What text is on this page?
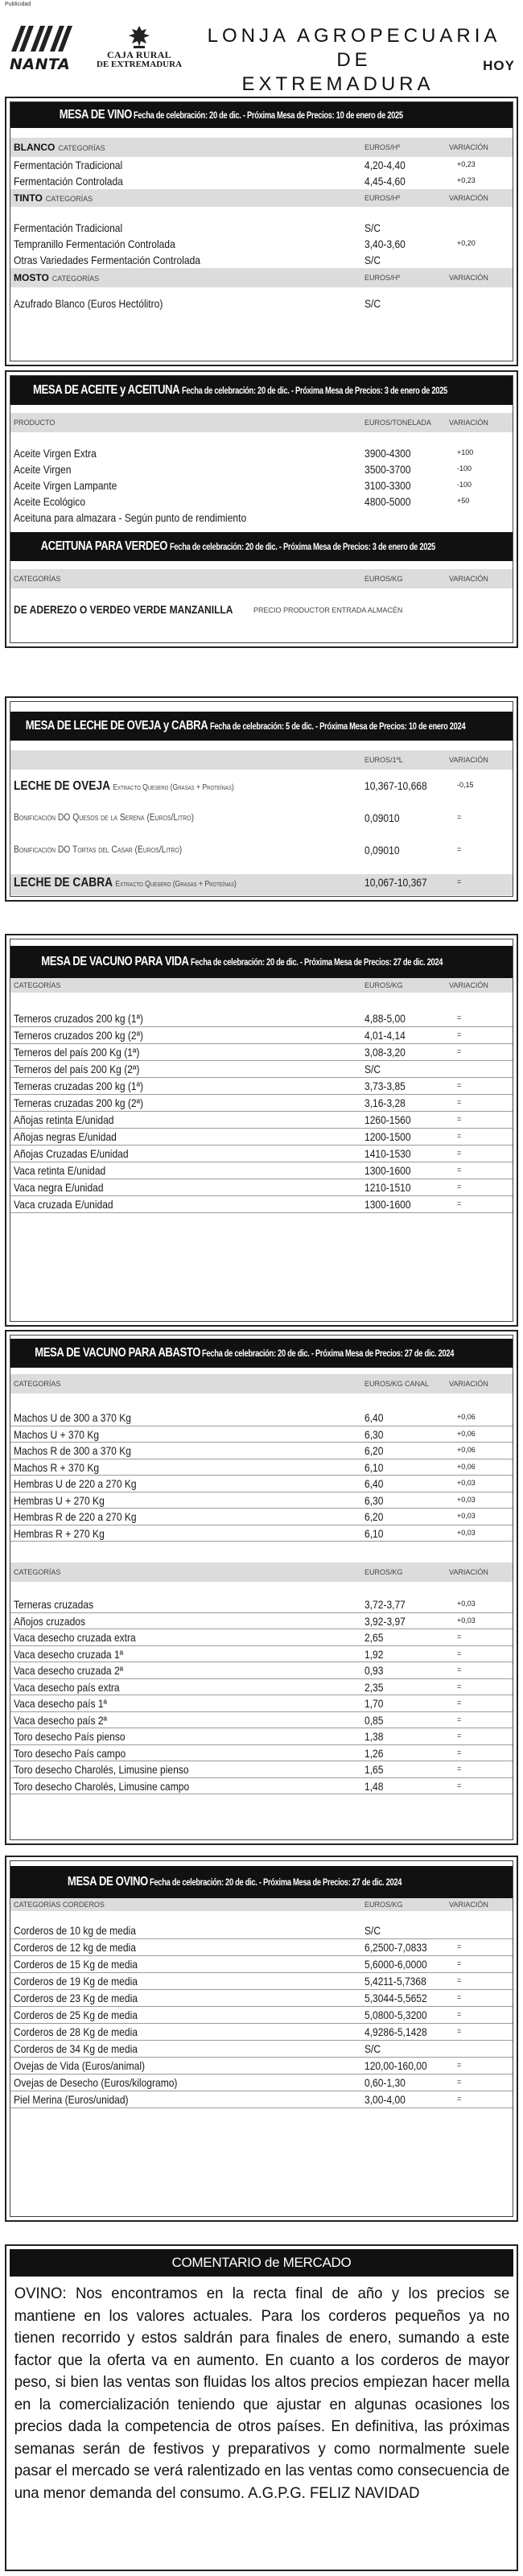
Publicidad
NANTA
CAJA RURAL
DE EXTREMADURA
LONJA AGROPECUARIA DE
EXTREMADURA
HOY
MESA DE VINO Fecha de celebración: 20 de dic. - Próxima Mesa de Precios: 10 de enero de 2025
BLANCO CATEGORÍAS	EUROS/Hº	VARIACIÓN
Fermentación Tradicional	4,20-4,40	+0,23
Fermentación Controlada	4,45-4,60	+0,23
TINTO CATEGORÍAS	EUROS/Hº	VARIACIÓN
Fermentación Tradicional	S/C
Tempranillo Fermentación Controlada	3,40-3,60	+0,20
Otras Variedades Fermentación Controlada	S/C
MOSTO CATEGORÍAS	EUROS/Hº	VARIACIÓN
Azufrado Blanco (Euros Hectólitro)	S/C
MESA DE ACEITE y ACEITUNA Fecha de celebración: 20 de dic. - Próxima Mesa de Precios: 3 de enero de 2025
PRODUCTO	EUROS/TONELADA VARIACIÓN
Aceite Virgen Extra	3900-4300	+100
Aceite Virgen	3500-3700	-100
Aceite Virgen Lampante	3100-3300	-100
Aceite Ecológico	4800-5000	+50
Aceituna para almazara - Según punto de rendimiento
ACEITUNA PARA VERDEO Fecha de celebración: 20 de dic. - Próxima Mesa de Precios: 3 de enero de 2025
CATEGORÍAS	EUROS/KG	VARIACIÓN
DE ADEREZO O VERDEO VERDE MANZANILLA	PRECIO PRODUCTOR ENTRADA ALMACÉN
MESA DE LECHE DE OVEJA y CABRA Fecha de celebración: 5 de dic. - Próxima Mesa de Precios: 10 de enero 2024
EUROS/1ºL	VARIACIÓN
LECHE DE OVEJA Extracto Quesero (Grasas + Proteínas)	10,367-10,668	-0,15
Bonificación DO Quesos de la Serena (Euros/Litro)	0,09010	=
Bonificación DO Tortas del Casar (Euros/Litro)	0,09010	=
LECHE DE CABRA Extracto Quesero (Grasas + Proteínas)	10,067-10,367	=
MESA DE VACUNO PARA VIDA Fecha de celebración: 20 de dic. - Próxima Mesa de Precios: 27 de dic. 2024
CATEGORÍAS	EUROS/KG	VARIACIÓN
Terneros cruzados 200 kg (1ª)	4,88-5,00	=
Terneros cruzados 200 kg (2ª)	4,01-4,14	=
Terneros del país 200 Kg (1ª)	3,08-3,20	=
Terneros del país 200 Kg (2ª)	S/C
Terneras cruzadas 200 kg (1ª)	3,73-3,85	=
Terneras cruzadas 200 kg (2ª)	3,16-3,28	=
Añojas retinta E/unidad	1260-1560	=
Añojas negras E/unidad	1200-1500	=
Añojas Cruzadas E/unidad	1410-1530	=
Vaca retinta E/unidad	1300-1600	=
Vaca negra E/unidad	1210-1510	=
Vaca cruzada E/unidad	1300-1600	=
MESA DE VACUNO PARA ABASTO Fecha de celebración: 20 de dic. - Próxima Mesa de Precios: 27 de dic. 2024
CATEGORÍAS	EUROS/KG CANAL	VARIACIÓN
Machos U de 300 a 370 Kg	6,40	+0,06
Machos U + 370 Kg	6,30	+0,06
Machos R de 300 a 370 Kg	6,20	+0,06
Machos R + 370 Kg	6,10	+0,06
Hembras U de 220 a 270 Kg	6,40	+0,03
Hembras U + 270 Kg	6,30	+0,03
Hembras R de 220 a 270 Kg	6,20	+0,03
Hembras R + 270 Kg	6,10	+0,03
CATEGORÍAS	EUROS/KG	VARIACIÓN
Terneras cruzadas	3,72-3,77	+0,03
Añojos cruzados	3,92-3,97	+0,03
Vaca desecho cruzada extra	2,65	=
Vaca desecho cruzada 1ª	1,92	=
Vaca desecho cruzada 2ª	0,93	=
Vaca desecho país extra	2,35	=
Vaca desecho país 1ª	1,70	=
Vaca desecho país 2ª	0,85	=
Toro desecho País pienso	1,38	=
Toro desecho País campo	1,26	=
Toro desecho Charolés, Limusine pienso	1,65	=
Toro desecho Charolés, Limusine campo	1,48	=
MESA DE OVINO Fecha de celebración: 20 de dic. - Próxima Mesa de Precios: 27 de dic. 2024
CATEGORÍAS CORDEROS	EUROS/KG	VARIACIÓN
Corderos de 10 kg de media	S/C
Corderos de 12 kg de media	6,2500-7,0833	=
Corderos de 15 Kg de media	5,6000-6,0000	=
Corderos de 19 Kg de media	5,4211-5,7368	=
Corderos de 23 Kg de media	5,3044-5,5652	=
Corderos de 25 Kg de media	5,0800-5,3200	=
Corderos de 28 Kg de media	4,9286-5,1428	=
Corderos de 34 Kg de media	S/C
Ovejas de Vida (Euros/animal)	120,00-160,00	=
Ovejas de Desecho (Euros/kilogramo)	0,60-1,30	=
Piel Merina (Euros/unidad)	3,00-4,00	=
COMENTARIO de MERCADO
OVINO: Nos encontramos en la recta final de año y los precios se mantiene en los valores actuales. Para los corderos pequeños ya no tienen recorrido y estos saldrán para finales de enero, sumando a este factor que la oferta va en aumento. En cuanto a los corderos de mayor peso, si bien las ventas son fluidas los altos precios empiezan hacer mella en la comercialización teniendo que ajustar en algunas ocasiones los precios dada la competencia de otros países. En definitiva, las próximas semanas serán de festivos y preparativos y como normalmente suele pasar el mercado se verá ralentizado en las ventas como consecuencia de una menor demanda del consumo. A.G.P.G. FELIZ NAVIDAD
